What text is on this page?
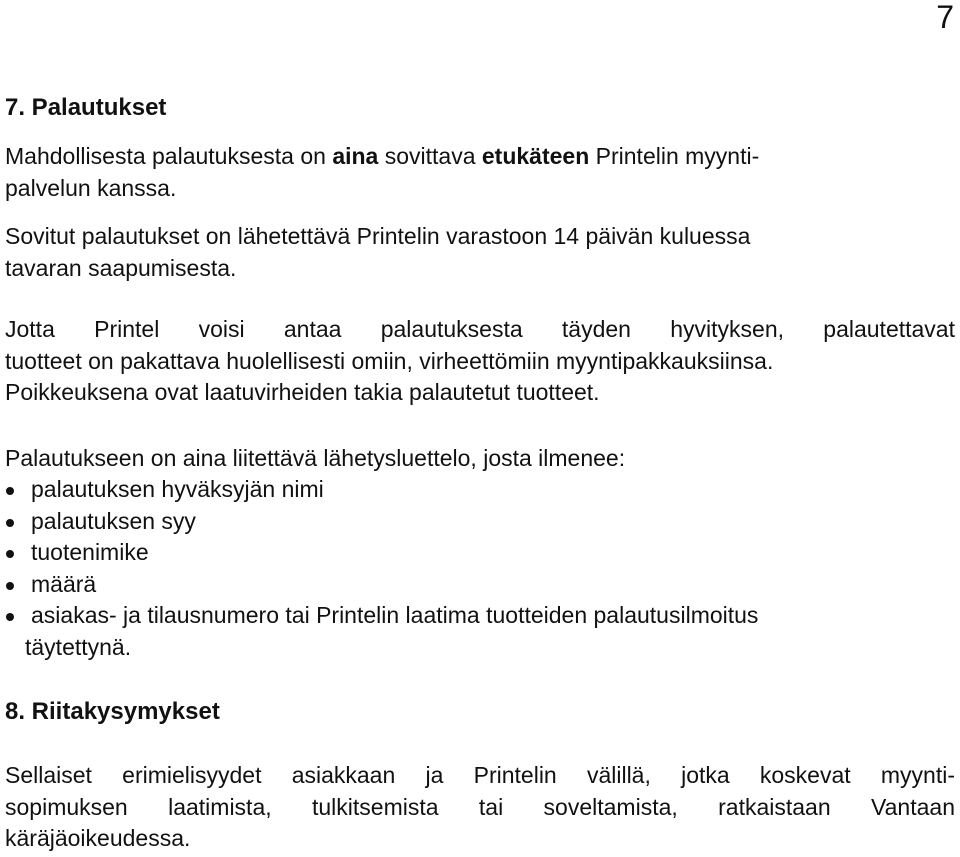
7
7. Palautukset
Mahdollisesta palautuksesta on aina sovittava etukäteen Printelin myynti-
palvelun kanssa.
Sovitut palautukset on lähetettävä Printelin varastoon 14 päivän kuluessa
tavaran saapumisesta.
Jotta Printel voisi antaa palautuksesta täyden hyvityksen, palautettavat
tuotteet on pakattava huolellisesti omiin, virheettömiin myyntipakkauksiinsa.
Poikkeuksena ovat laatuvirheiden takia palautetut tuotteet.
Palautukseen on aina liitettävä lähetysluettelo, josta ilmenee:
palautuksen hyväksyjän nimi
palautuksen syy
tuotenimike
määrä
asiakas- ja tilausnumero tai Printelin laatima tuotteiden palautusilmoitus
täytettynä.
8. Riitakysymykset
Sellaiset erimielisyydet asiakkaan ja Printelin välillä, jotka koskevat myynti-
sopimuksen laatimista, tulkitsemista tai soveltamista, ratkaistaan Vantaan
käräjäoikeudessa.
